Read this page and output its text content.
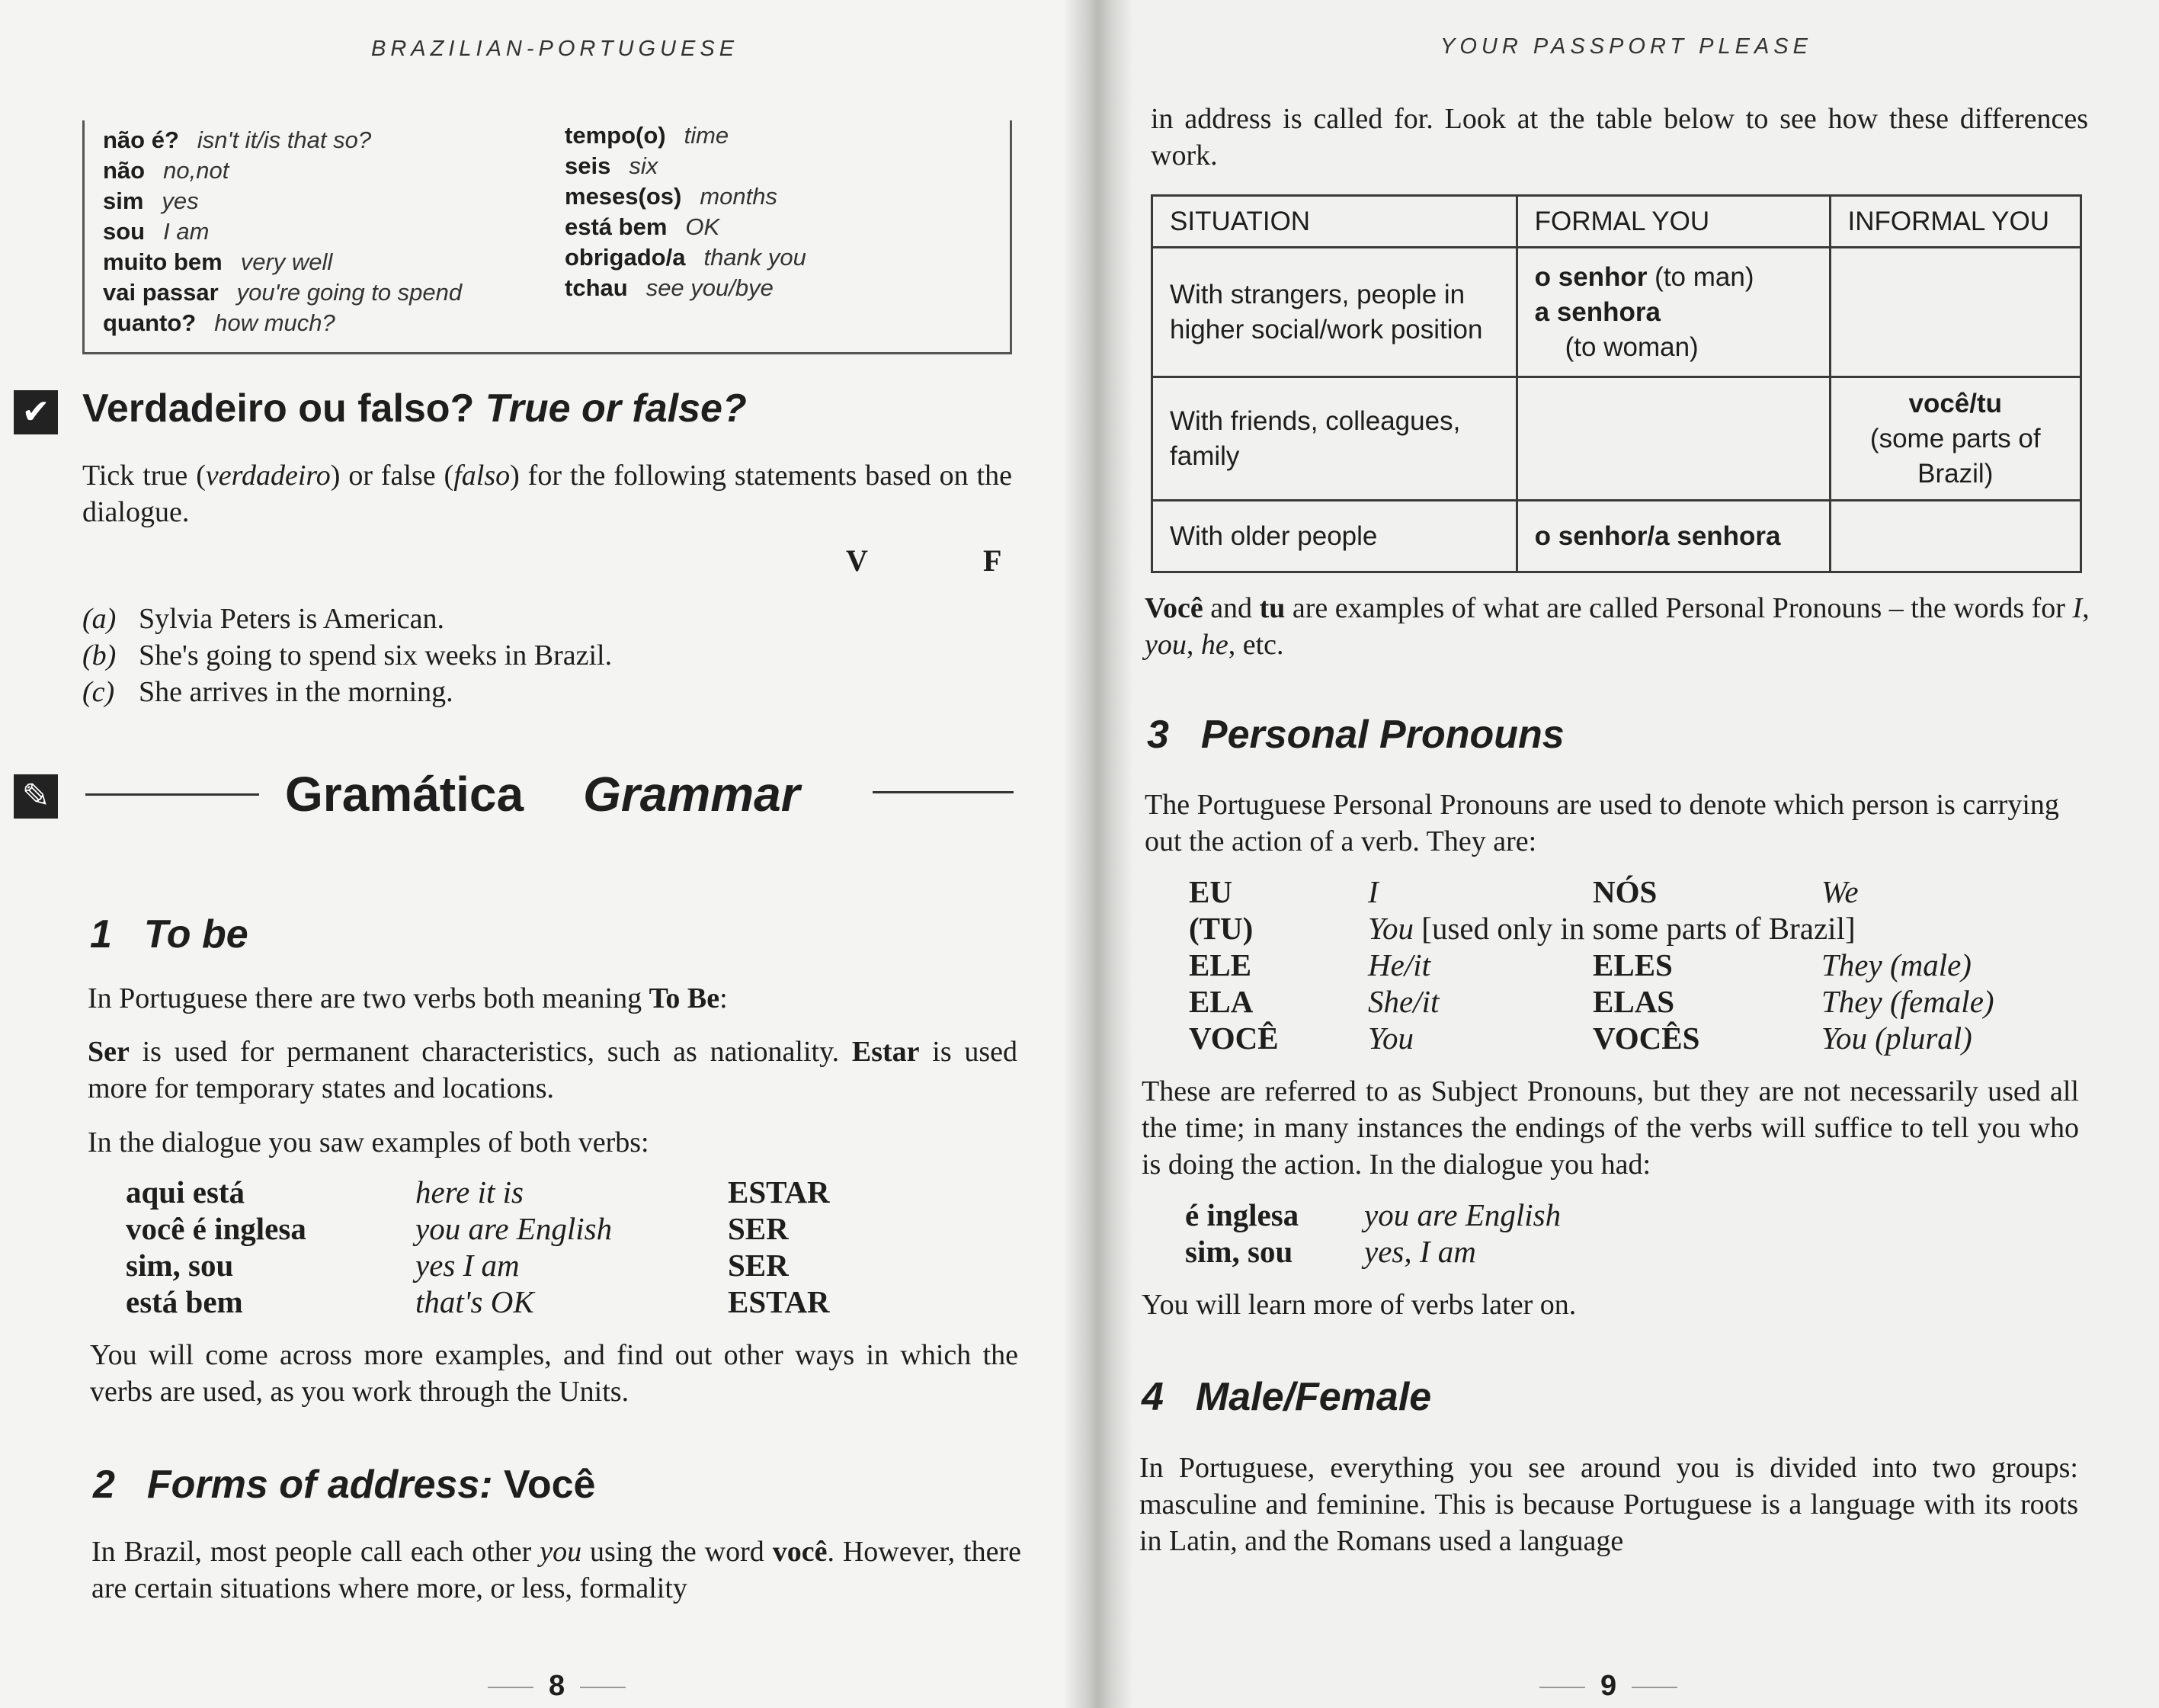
BRAZILIAN-PORTUGUESE
não é? isn't it/is that so?
não no,not
sim yes
sou I am
muito bem very well
vai passar you're going to spend
quanto? how much?
tempo(o) time
seis six
meses(os) months
está bem OK
obrigado/a thank you
tchau see you/bye
✔ Verdadeiro ou falso? True or false?
Tick true (verdadeiro) or false (falso) for the following statements based on the dialogue.
V	F
(a) Sylvia Peters is American.
(b) She's going to spend six weeks in Brazil.
(c) She arrives in the morning.
✎	Gramática Grammar
1 To be
In Portuguese there are two verbs both meaning To Be:
Ser is used for permanent characteristics, such as nationality. Estar is used more for temporary states and locations.
In the dialogue you saw examples of both verbs:
aqui está	here it is	ESTAR
você é inglesa	you are English	SER
sim, sou	yes I am	SER
está bem	that's OK	ESTAR
You will come across more examples, and find out other ways in which the verbs are used, as you work through the Units.
2 Forms of address: Você
In Brazil, most people call each other you using the word você. However, there are certain situations where more, or less, formality
8
YOUR PASSPORT PLEASE
in address is called for. Look at the table below to see how these differences work.
SITUATION	FORMAL YOU	INFORMAL YOU
With strangers, people in higher social/work position	o senhor (to man)
a senhora
(to woman)	

With friends, colleagues, family		você/tu
(some parts of Brazil)

With older people	o senhor/a senhora	
Você and tu are examples of what are called Personal Pronouns – the words for I, you, he, etc.
3 Personal Pronouns
The Portuguese Personal Pronouns are used to denote which person is carrying out the action of a verb. They are:
EU	I	NÓS	We
(TU)	You [used only in some parts of Brazil]
ELE	He/it	ELES	They (male)
ELA	She/it	ELAS	They (female)
VOCÊ	You	VOCÊS	You (plural)
These are referred to as Subject Pronouns, but they are not necessarily used all the time; in many instances the endings of the verbs will suffice to tell you who is doing the action. In the dialogue you had:
é inglesa	you are English
sim, sou	yes, I am
You will learn more of verbs later on.
4 Male/Female
In Portuguese, everything you see around you is divided into two groups: masculine and feminine. This is because Portuguese is a language with its roots in Latin, and the Romans used a language
9
